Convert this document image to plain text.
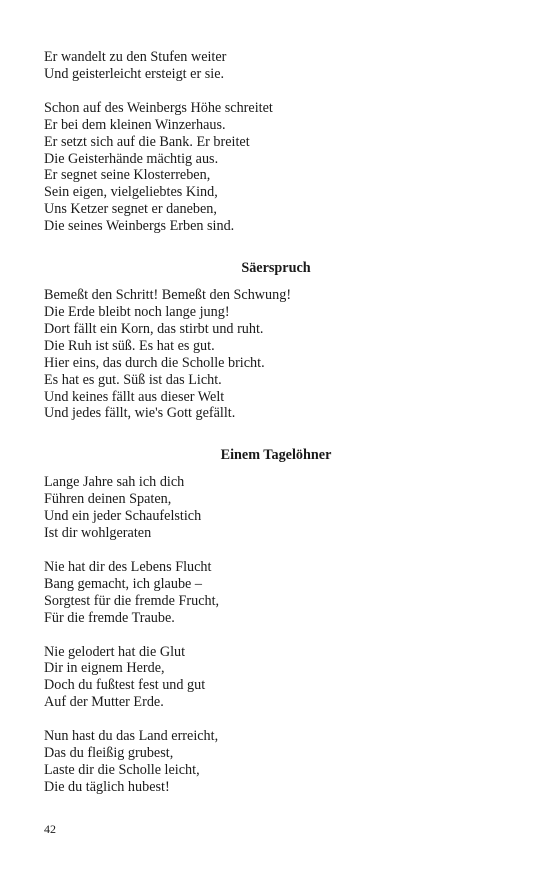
Er wandelt zu den Stufen weiter
Und geisterleicht ersteigt er sie.
Schon auf des Weinbergs Höhe schreitet
Er bei dem kleinen Winzerhaus.
Er setzt sich auf die Bank. Er breitet
Die Geisterhände mächtig aus.
Er segnet seine Klosterreben,
Sein eigen, vielgeliebtes Kind,
Uns Ketzer segnet er daneben,
Die seines Weinbergs Erben sind.
Säerspruch
Bemeßt den Schritt! Bemeßt den Schwung!
Die Erde bleibt noch lange jung!
Dort fällt ein Korn, das stirbt und ruht.
Die Ruh ist süß. Es hat es gut.
Hier eins, das durch die Scholle bricht.
Es hat es gut. Süß ist das Licht.
Und keines fällt aus dieser Welt
Und jedes fällt, wie's Gott gefällt.
Einem Tagelöhner
Lange Jahre sah ich dich
Führen deinen Spaten,
Und ein jeder Schaufelstich
Ist dir wohlgeraten
Nie hat dir des Lebens Flucht
Bang gemacht, ich glaube –
Sorgtest für die fremde Frucht,
Für die fremde Traube.
Nie gelodert hat die Glut
Dir in eignem Herde,
Doch du fußtest fest und gut
Auf der Mutter Erde.
Nun hast du das Land erreicht,
Das du fleißig grubest,
Laste dir die Scholle leicht,
Die du täglich hubest!
42
